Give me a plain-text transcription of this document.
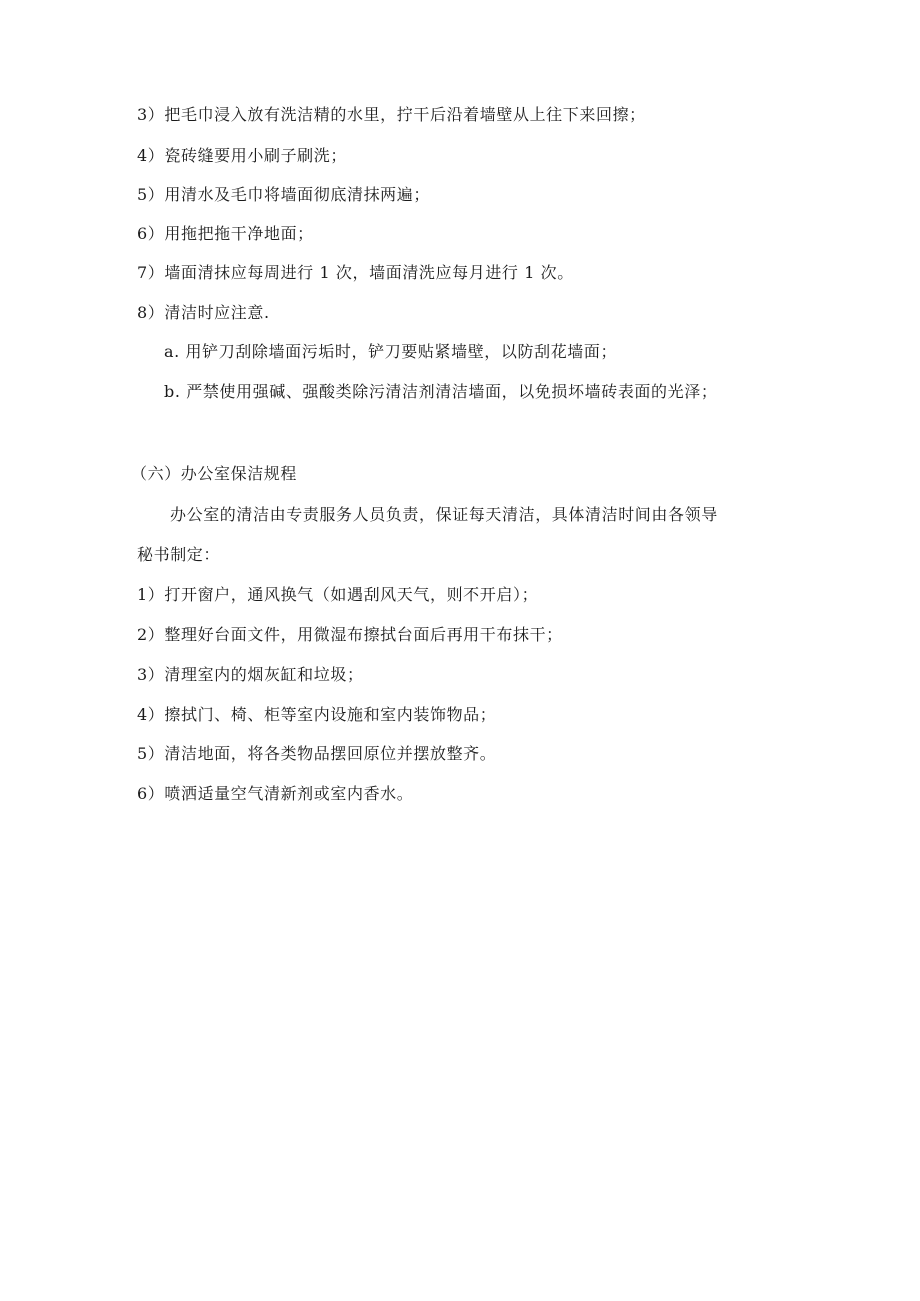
3）把毛巾浸入放有洗洁精的水里，拧干后沿着墙壁从上往下来回擦；
4）瓷砖缝要用小刷子刷洗；
5）用清水及毛巾将墙面彻底清抹两遍；
6）用拖把拖干净地面；
7）墙面清抹应每周进行 1 次，墙面清洗应每月进行 1 次。
8）清洁时应注意.
a. 用铲刀刮除墙面污垢时，铲刀要贴紧墙壁，以防刮花墙面；
b. 严禁使用强碱、强酸类除污清洁剂清洁墙面，以免损坏墙砖表面的光泽；
（六）办公室保洁规程
办公室的清洁由专责服务人员负责，保证每天清洁，具体清洁时间由各领导
秘书制定：
1）打开窗户，通风换气（如遇刮风天气，则不开启）；
2）整理好台面文件，用微湿布擦拭台面后再用干布抹干；
3）清理室内的烟灰缸和垃圾；
4）擦拭门、椅、柜等室内设施和室内装饰物品；
5）清洁地面，将各类物品摆回原位并摆放整齐。
6）喷洒适量空气清新剂或室内香水。
